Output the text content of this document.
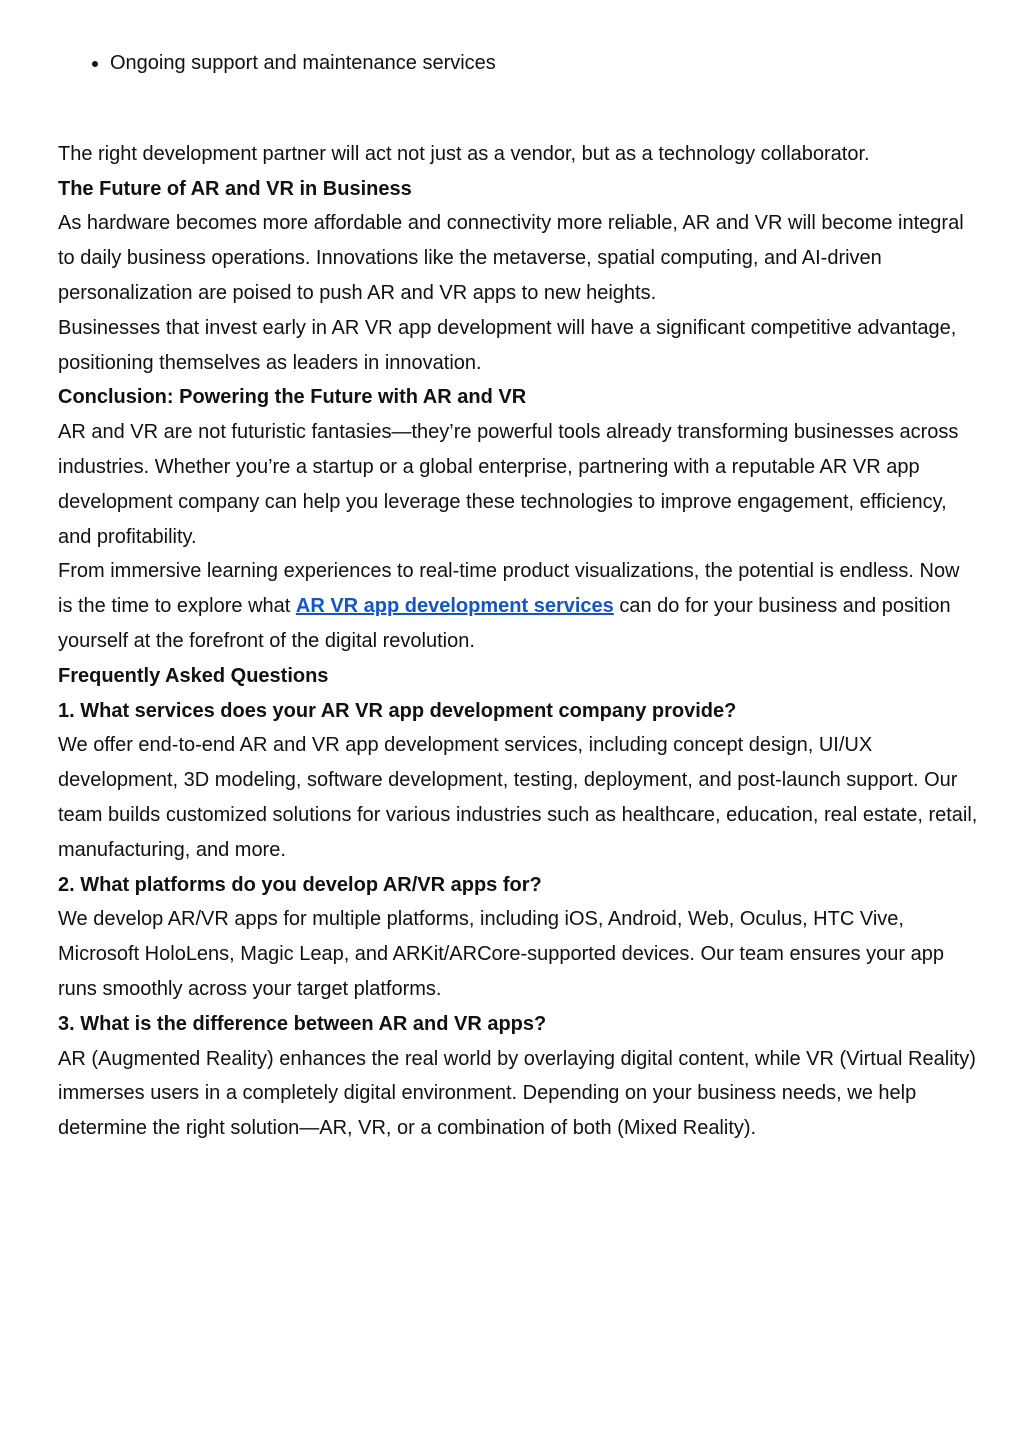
• Ongoing support and maintenance services

The right development partner will act not just as a vendor, but as a technology collaborator.

The Future of AR and VR in Business

As hardware becomes more affordable and connectivity more reliable, AR and VR will become integral to daily business operations. Innovations like the metaverse, spatial computing, and AI-driven personalization are poised to push AR and VR apps to new heights.

Businesses that invest early in AR VR app development will have a significant competitive advantage, positioning themselves as leaders in innovation.

Conclusion: Powering the Future with AR and VR

AR and VR are not futuristic fantasies—they’re powerful tools already transforming businesses across industries. Whether you’re a startup or a global enterprise, partnering with a reputable AR VR app development company can help you leverage these technologies to improve engagement, efficiency, and profitability.

From immersive learning experiences to real-time product visualizations, the potential is endless. Now is the time to explore what AR VR app development services can do for your business and position yourself at the forefront of the digital revolution.

Frequently Asked Questions
1. What services does your AR VR app development company provide?

We offer end-to-end AR and VR app development services, including concept design, UI/UX development, 3D modeling, software development, testing, deployment, and post-launch support. Our team builds customized solutions for various industries such as healthcare, education, real estate, retail, manufacturing, and more.

2. What platforms do you develop AR/VR apps for?

We develop AR/VR apps for multiple platforms, including iOS, Android, Web, Oculus, HTC Vive, Microsoft HoloLens, Magic Leap, and ARKit/ARCore-supported devices. Our team ensures your app runs smoothly across your target platforms.

3. What is the difference between AR and VR apps?

AR (Augmented Reality) enhances the real world by overlaying digital content, while VR (Virtual Reality) immerses users in a completely digital environment. Depending on your business needs, we help determine the right solution—AR, VR, or a combination of both (Mixed Reality).
